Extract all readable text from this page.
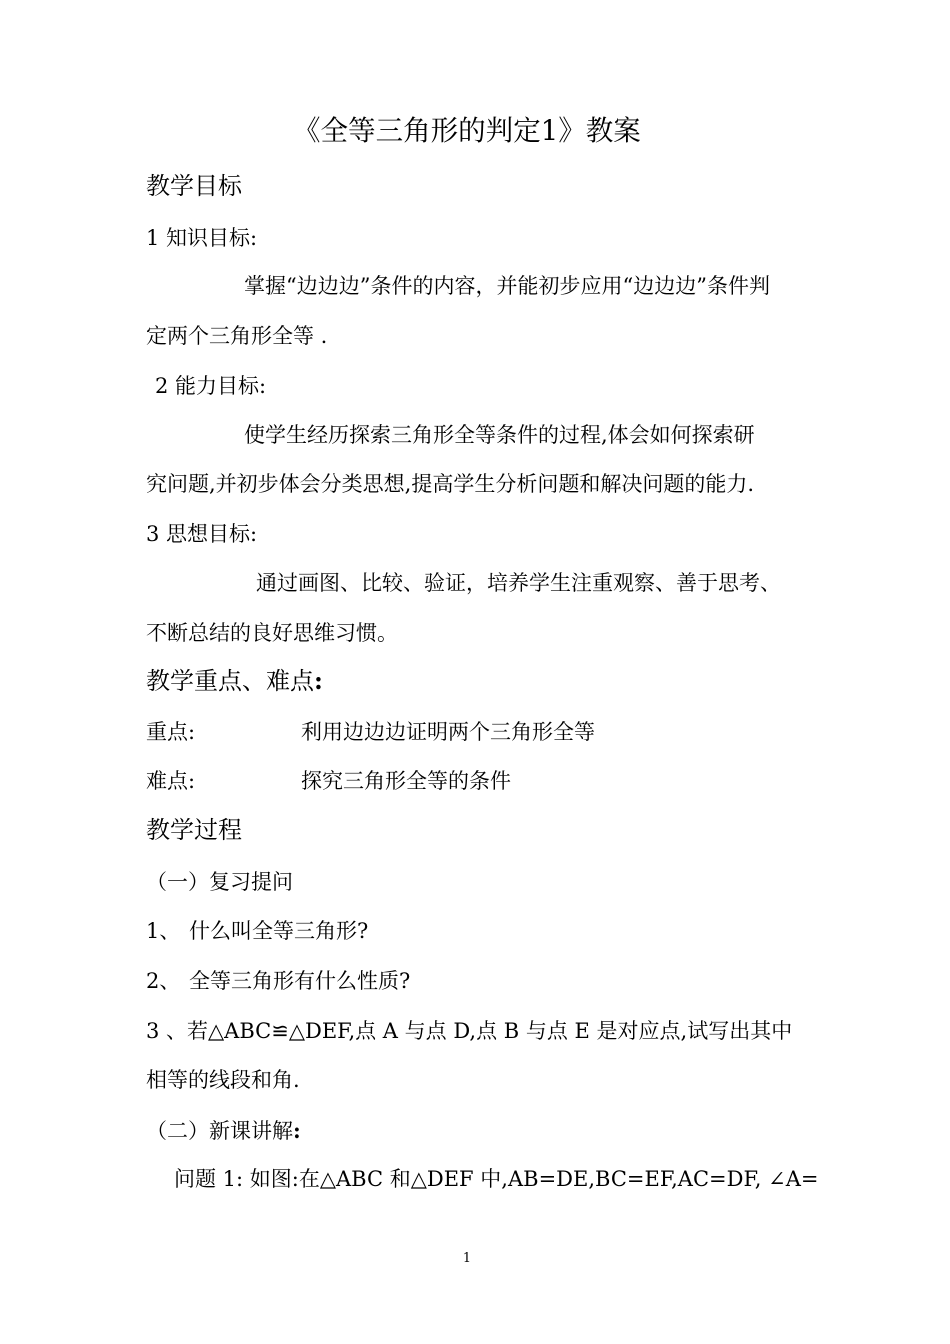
《全等三角形的判定1》教案
教学目标
1 知识目标:
掌握“边边边”条件的内容，并能初步应用“边边边”条件判
定两个三角形全等 .
2 能力目标:
使学生经历探索三角形全等条件的过程,体会如何探索研
究问题,并初步体会分类思想,提高学生分析问题和解决问题的能力.
3 思想目标:
通过画图、比较、验证，培养学生注重观察、善于思考、
不断总结的良好思维习惯。
教学重点、难点:
重点:	利用边边边证明两个三角形全等
难点:	探究三角形全等的条件
教学过程
（一）复习提问
1、 什么叫全等三角形?
2、 全等三角形有什么性质?
3 、若△ABC≌△DEF,点 A 与点 D,点 B 与点 E 是对应点,试写出其中
相等的线段和角.
（二）新课讲解:
问题 1: 如图:在△ABC 和△DEF 中,AB=DE,BC=EF,AC=DF, ∠A=
1
